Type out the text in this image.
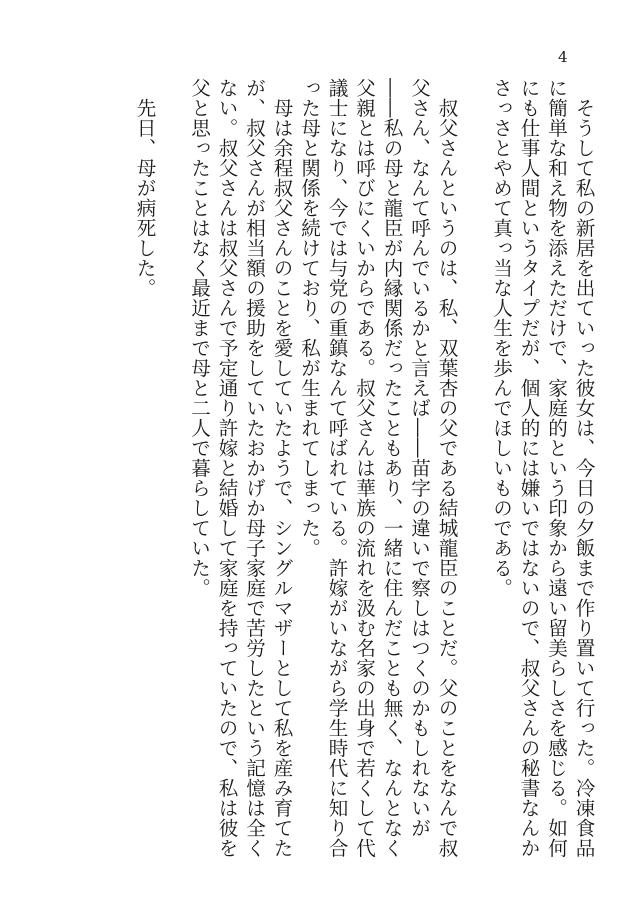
4

そうして私の新居を出ていった彼女は、今日の夕飯まで作り置いて行った。冷凍食品に簡単な和え物を添えただけで、家庭的という印象から遠い留美らしさを感じる。如何にも仕事人間というタイプだが、個人的には嫌いではないので、叔父さんの秘書なんかさっさとやめて真っ当な人生を歩んでほしいものである。

叔父さんというのは、私、双葉杏の父である結城龍臣のことだ。父のことをなんで叔父さん、なんて呼んでいるかと言えば――苗字の違いで察しはつくのかもしれないが――私の母と龍臣が内縁関係だったこともあり、一緒に住んだことも無く、なんとなく父親とは呼びにくいからである。叔父さんは華族の流れを汲む名家の出身で若くして代議士になり、今では与党の重鎮なんて呼ばれている。許嫁がいながら学生時代に知り合った母と関係を続けており、私が生まれてしまった。

母は余程叔父さんのことを愛していたようで、シングルマザーとして私を産み育てたが、叔父さんが相当額の援助をしていたおかげか母子家庭で苦労したという記憶は全くない。叔父さんは叔父さんで予定通り許嫁と結婚して家庭を持っていたので、私は彼を父と思ったことはなく最近まで母と二人で暮らしていた。

先日、母が病死した。
